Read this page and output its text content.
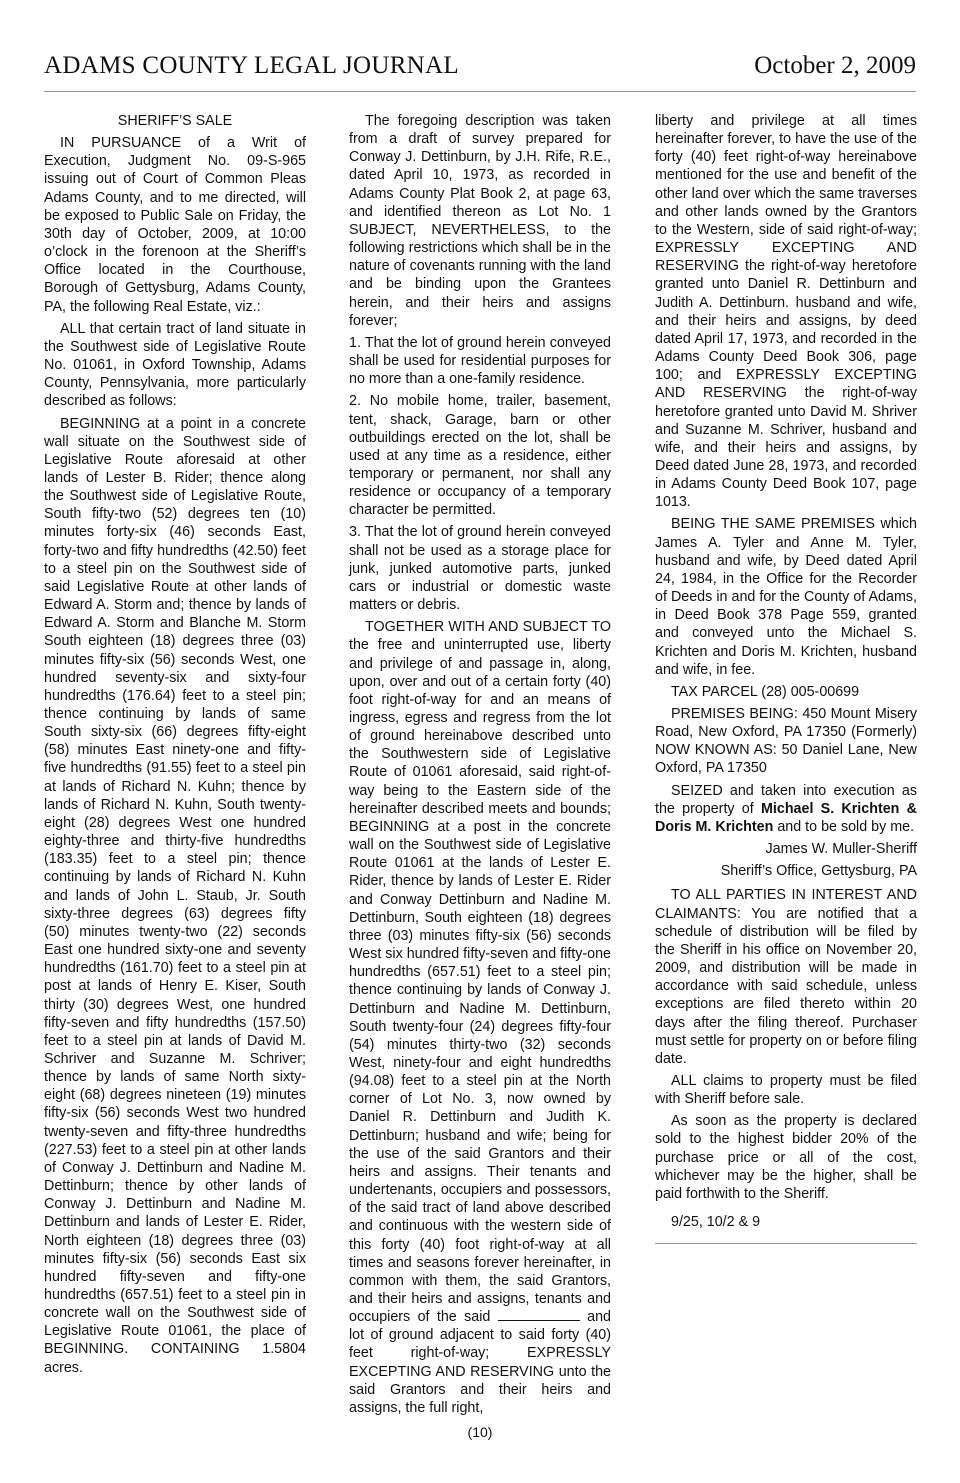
ADAMS COUNTY LEGAL JOURNAL	October 2, 2009

SHERIFF’S SALE

IN PURSUANCE of a Writ of Execution, Judgment No. 09-S-965 issuing out of Court of Common Pleas Adams County, and to me directed, will be exposed to Public Sale on Friday, the 30th day of October, 2009, at 10:00 o’clock in the forenoon at the Sheriff’s Office located in the Courthouse, Borough of Gettysburg, Adams County, PA, the following Real Estate, viz.:

ALL that certain tract of land situate in the Southwest side of Legislative Route No. 01061, in Oxford Township, Adams County, Pennsylvania, more particularly described as follows:

BEGINNING at a point in a concrete wall situate on the Southwest side of Legislative Route aforesaid at other lands of Lester B. Rider; thence along the Southwest side of Legislative Route, South fifty-two (52) degrees ten (10) minutes forty-six (46) seconds East, forty-two and fifty hundredths (42.50) feet to a steel pin on the Southwest side of said Legislative Route at other lands of Edward A. Storm and; thence by lands of Edward A. Storm and Blanche M. Storm South eighteen (18) degrees three (03) minutes fifty-six (56) seconds West, one hundred seventy-six and sixty-four hundredths (176.64) feet to a steel pin; thence continuing by lands of same South sixty-six (66) degrees fifty-eight (58) minutes East ninety-one and fifty-five hundredths (91.55) feet to a steel pin at lands of Richard N. Kuhn; thence by lands of Richard N. Kuhn, South twenty-eight (28) degrees West one hundred eighty-three and thirty-five hundredths (183.35) feet to a steel pin; thence continuing by lands of Richard N. Kuhn and lands of John L. Staub, Jr. South sixty-three degrees (63) degrees fifty (50) minutes twenty-two (22) seconds East one hundred sixty-one and seventy hundredths (161.70) feet to a steel pin at post at lands of Henry E. Kiser, South thirty (30) degrees West, one hundred fifty-seven and fifty hundredths (157.50) feet to a steel pin at lands of David M. Schriver and Suzanne M. Schriver; thence by lands of same North sixty-eight (68) degrees nineteen (19) minutes fifty-six (56) seconds West two hundred twenty-seven and fifty-three hundredths (227.53) feet to a steel pin at other lands of Conway J. Dettinburn and Nadine M. Dettinburn; thence by other lands of Conway J. Dettinburn and Nadine M. Dettinburn and lands of Lester E. Rider, North eighteen (18) degrees three (03) minutes fifty-six (56) seconds East six hundred fifty-seven and fifty-one hundredths (657.51) feet to a steel pin in concrete wall on the Southwest side of Legislative Route 01061, the place of BEGINNING. CONTAINING 1.5804 acres.

The foregoing description was taken from a draft of survey prepared for Conway J. Dettinburn, by J.H. Rife, R.E., dated April 10, 1973, as recorded in Adams County Plat Book 2, at page 63, and identified thereon as Lot No. 1 SUBJECT, NEVERTHELESS, to the following restrictions which shall be in the nature of covenants running with the land and be binding upon the Grantees herein, and their heirs and assigns forever;

1. That the lot of ground herein conveyed shall be used for residential purposes for no more than a one-family residence.

2. No mobile home, trailer, basement, tent, shack, Garage, barn or other outbuildings erected on the lot, shall be used at any time as a residence, either temporary or permanent, nor shall any residence or occupancy of a temporary character be permitted.

3. That the lot of ground herein conveyed shall not be used as a storage place for junk, junked automotive parts, junked cars or industrial or domestic waste matters or debris.

TOGETHER WITH AND SUBJECT TO the free and uninterrupted use, liberty and privilege of and passage in, along, upon, over and out of a certain forty (40) foot right-of-way for and an means of ingress, egress and regress from the lot of ground hereinabove described unto the Southwestern side of Legislative Route of 01061 aforesaid, said right-of-way being to the Eastern side of the hereinafter described meets and bounds; BEGINNING at a post in the concrete wall on the Southwest side of Legislative Route 01061 at the lands of Lester E. Rider, thence by lands of Lester E. Rider and Conway Dettinburn and Nadine M. Dettinburn, South eighteen (18) degrees three (03) minutes fifty-six (56) seconds West six hundred fifty-seven and fifty-one hundredths (657.51) feet to a steel pin; thence continuing by lands of Conway J. Dettinburn and Nadine M. Dettinburn, South twenty-four (24) degrees fifty-four (54) minutes thirty-two (32) seconds West, ninety-four and eight hundredths (94.08) feet to a steel pin at the North corner of Lot No. 3, now owned by Daniel R. Dettinburn and Judith K. Dettinburn; husband and wife; being for the use of the said Grantors and their heirs and assigns. Their tenants and undertenants, occupiers and possessors, of the said tract of land above described and continuous with the western side of this forty (40) foot right-of-way at all times and seasons forever hereinafter, in common with them, the said Grantors, and their heirs and assigns, tenants and occupiers of the said	and lot of ground adjacent to said forty (40) feet right-of-way; EXPRESSLY EXCEPTING AND RESERVING unto the said Grantors and their heirs and assigns, the full right,

liberty and privilege at all times hereinafter forever, to have the use of the forty (40) feet right-of-way hereinabove mentioned for the use and benefit of the other land over which the same traverses and other lands owned by the Grantors to the Western, side of said right-of-way; EXPRESSLY EXCEPTING AND RESERVING the right-of-way heretofore granted unto Daniel R. Dettinburn and Judith A. Dettinburn. husband and wife, and their heirs and assigns, by deed dated April 17, 1973, and recorded in the Adams County Deed Book 306, page 100; and EXPRESSLY EXCEPTING AND RESERVING the right-of-way heretofore granted unto David M. Shriver and Suzanne M. Schriver, husband and wife, and their heirs and assigns, by Deed dated June 28, 1973, and recorded in Adams County Deed Book 107, page 1013.

BEING THE SAME PREMISES which James A. Tyler and Anne M. Tyler, husband and wife, by Deed dated April 24, 1984, in the Office for the Recorder of Deeds in and for the County of Adams, in Deed Book 378 Page 559, granted and conveyed unto the Michael S. Krichten and Doris M. Krichten, husband and wife, in fee.

TAX PARCEL (28) 005-00699

PREMISES BEING: 450 Mount Misery Road, New Oxford, PA 17350 (Formerly) NOW KNOWN AS: 50 Daniel Lane, New Oxford, PA 17350

SEIZED and taken into execution as the property of Michael S. Krichten & Doris M. Krichten and to be sold by me.

James W. Muller-Sheriff

Sheriff’s Office, Gettysburg, PA

TO ALL PARTIES IN INTEREST AND CLAIMANTS: You are notified that a schedule of distribution will be filed by the Sheriff in his office on November 20, 2009, and distribution will be made in accordance with said schedule, unless exceptions are filed thereto within 20 days after the filing thereof. Purchaser must settle for property on or before filing date.

ALL claims to property must be filed with Sheriff before sale.

As soon as the property is declared sold to the highest bidder 20% of the purchase price or all of the cost, whichever may be the higher, shall be paid forthwith to the Sheriff.

9/25, 10/2 & 9

(10)
